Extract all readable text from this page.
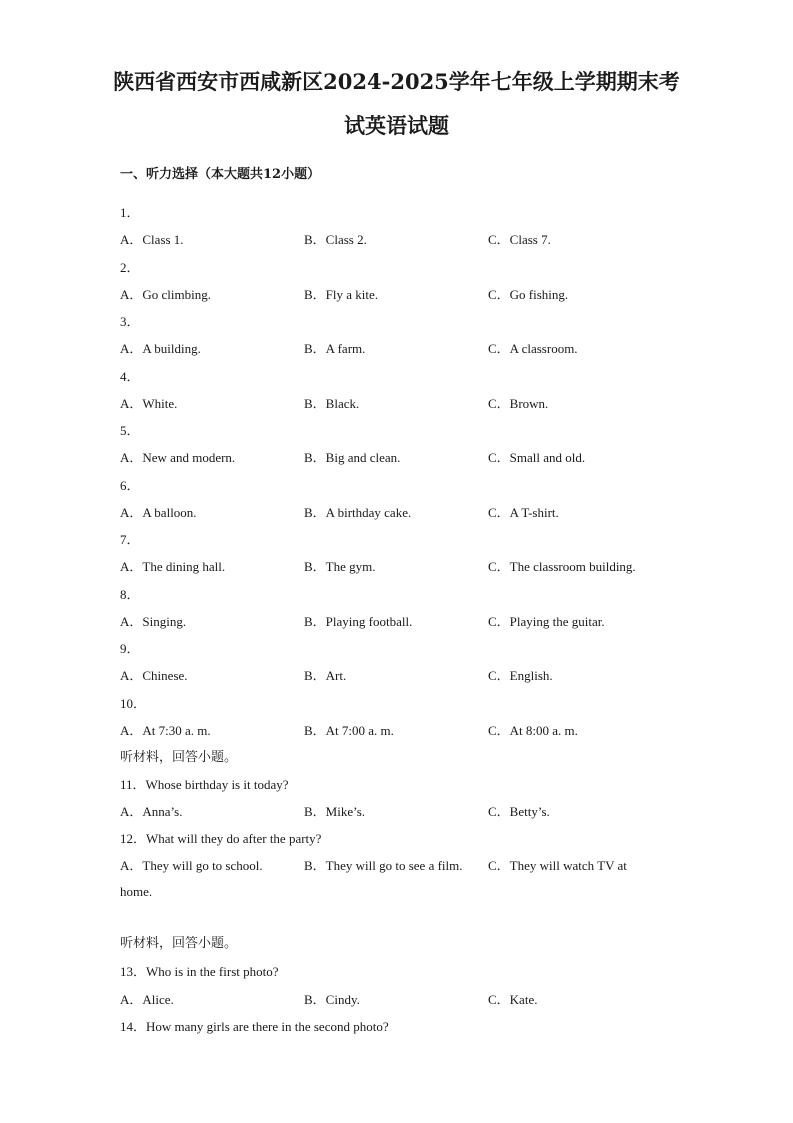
陕西省西安市西咸新区2024-2025学年七年级上学期期末考
试英语试题
一、听力选择（本大题共12小题）
1．
A．Class 1.	B．Class 2.	C．Class 7.
2．
A．Go climbing.	B．Fly a kite.	C．Go fishing.
3．
A．A building.	B．A farm.	C．A classroom.
4．
A．White.	B．Black.	C．Brown.
5．
A．New and modern.	B．Big and clean.	C．Small and old.
6．
A．A balloon.	B．A birthday cake.	C．A T-shirt.
7．
A．The dining hall.	B．The gym.	C．The classroom building.
8．
A．Singing.	B．Playing football.	C．Playing the guitar.
9．
A．Chinese.	B．Art.	C．English.
10．
A．At 7:30 a. m.	B．At 7:00 a. m.	C．At 8:00 a. m.
听材料，回答小题。
11．Whose birthday is it today?
A．Anna’s.	B．Mike’s.	C．Betty’s.
12．What will they do after the party?
A．They will go to school.	B．They will go to see a film. C．They will watch TV at
home.
听材料，回答小题。
13．Who is in the first photo?
A．Alice.	B．Cindy.	C．Kate.
14．How many girls are there in the second photo?
